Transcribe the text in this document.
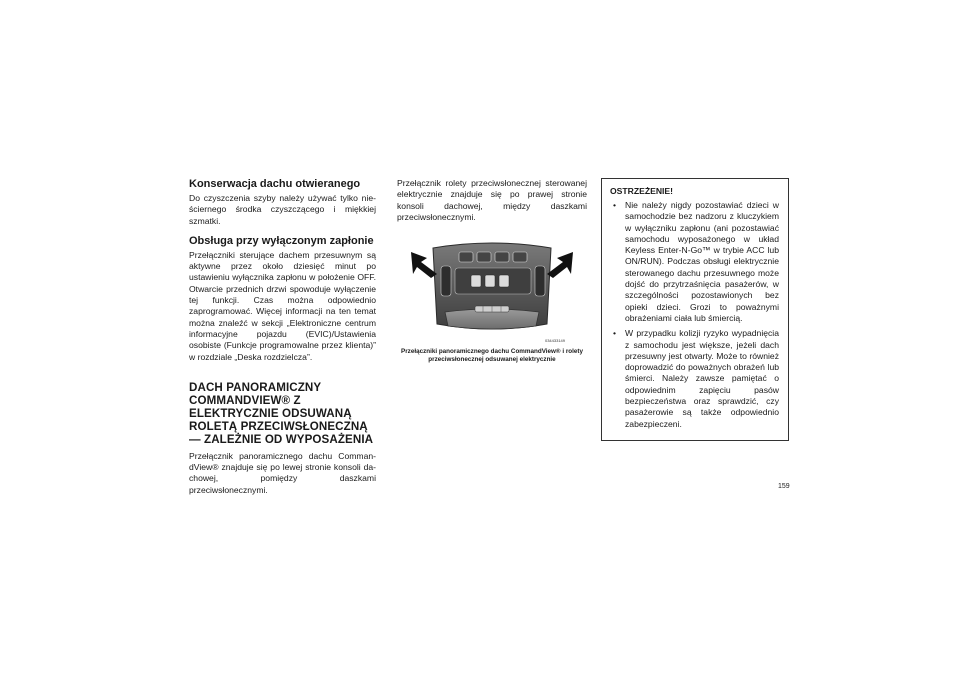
Konserwacja dachu otwieranego

Do czyszczenia szyby należy używać tylko nie-ściernego środka czyszczącego i miękkiej szmatki.

Obsługa przy wyłączonym zapłonie

Przełączniki sterujące dachem przesuwnym są aktywne przez około dziesięć minut po ustawieniu wyłącznika zapłonu w położenie OFF. Otwarcie przednich drzwi spowoduje wyłączenie tej funkcji. Czas można odpowiednio zaprogramować. Więcej informacji na ten temat można znaleźć w sekcji „Elektroniczne centrum informacyjne pojazdu (EVIC)/Ustawienia osobiste (Funkcje programowalne przez klienta)” w rozdziale „Deska rozdzielcza”.

DACH PANORAMICZNY COMMANDVIEW® Z ELEKTRYCZNIE ODSUWANĄ ROLETĄ PRZECIWSŁONECZNĄ — ZALEŻNIE OD WYPOSAŻENIA

Przełącznik panoramicznego dachu Comman-dView® znajduje się po lewej stronie konsoli da-chowej, pomiędzy daszkami przeciwsłonecznymi.

Przełącznik rolety przeciwsłonecznej sterowanej elektrycznie znajduje się po prawej stronie konsoli dachowej, między daszkami przeciwsłonecznymi.

034433149
Przełączniki panoramicznego dachu CommandView® i rolety przeciwsłonecznej odsuwanej elektrycznie
OSTRZEŻENIE!
• Nie należy nigdy pozostawiać dzieci w samochodzie bez nadzoru z kluczykiem w wyłączniku zapłonu (ani pozostawiać samochodu wyposażonego w układ Keyless Enter-N-Go™ w trybie ACC lub ON/RUN). Podczas obsługi elektrycznie sterowanego dachu przesuwnego może dojść do przytrzaśnięcia pasażerów, w szczególności pozostawionych bez opieki dzieci. Grozi to poważnymi obrażeniami ciała lub śmiercią.
• W przypadku kolizji ryzyko wypadnięcia z samochodu jest większe, jeżeli dach przesuwny jest otwarty. Może to również doprowadzić do poważnych obrażeń lub śmierci. Należy zawsze pamiętać o odpowiednim zapięciu pasów bezpieczeństwa oraz sprawdzić, czy pasażerowie są także odpowiednio zabezpieczeni.
159
